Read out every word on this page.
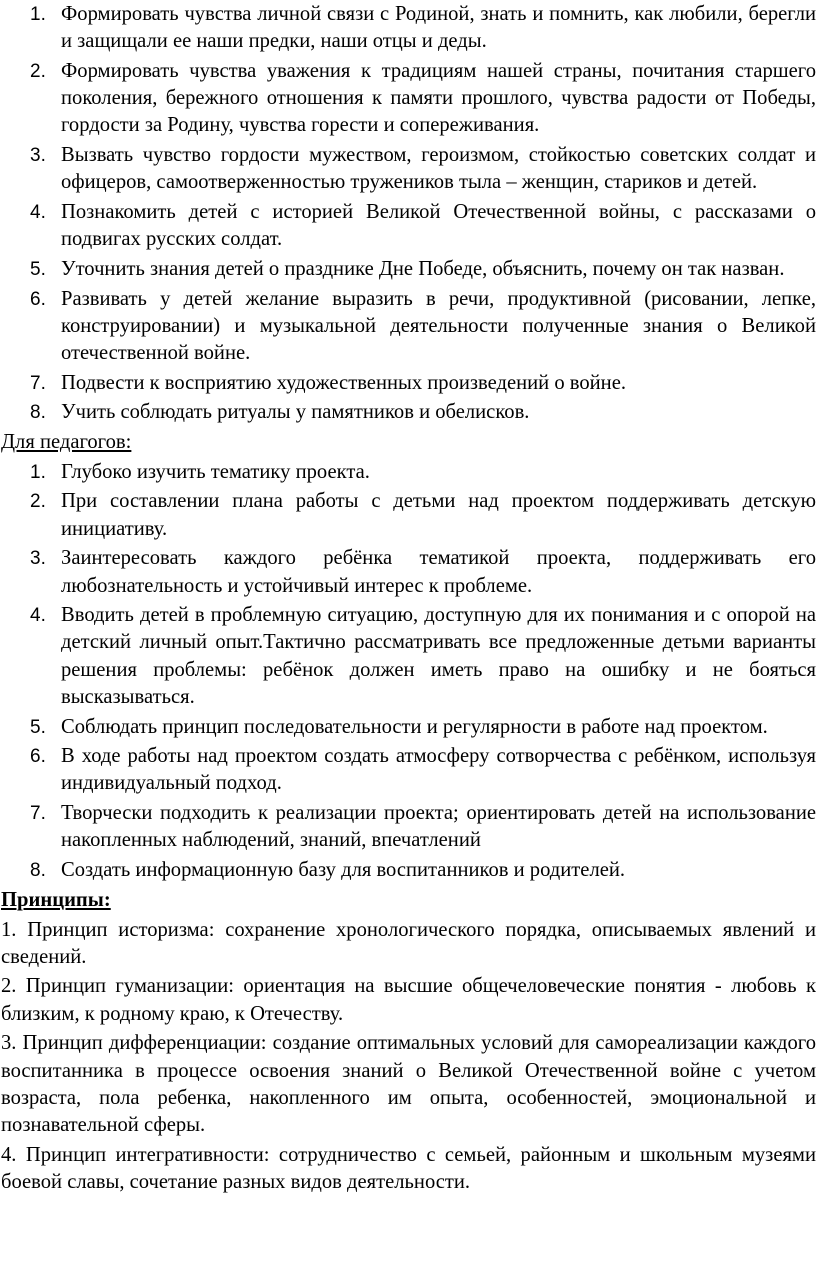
1. Формировать чувства личной связи с Родиной, знать и помнить, как любили, берегли и защищали ее наши предки, наши отцы и деды.
2. Формировать чувства уважения к традициям нашей страны, почитания старшего поколения, бережного отношения к памяти прошлого, чувства радости от Победы, гордости за Родину, чувства горести и сопереживания.
3. Вызвать чувство гордости мужеством, героизмом, стойкостью советских солдат и офицеров, самоотверженностью тружеников тыла – женщин, стариков и детей.
4. Познакомить детей с историей Великой Отечественной войны, с рассказами о подвигах русских солдат.
5. Уточнить знания детей о празднике Дне Победе, объяснить, почему он так назван.
6. Развивать у детей желание выразить в речи, продуктивной (рисовании, лепке, конструировании) и музыкальной деятельности полученные знания о Великой отечественной войне.
7. Подвести к восприятию художественных произведений о войне.
8. Учить соблюдать ритуалы у памятников и обелисков.
Для педагогов:
1. Глубоко изучить тематику проекта.
2. При составлении плана работы с детьми над проектом поддерживать детскую инициативу.
3. Заинтересовать каждого ребёнка тематикой проекта, поддерживать его любознательность и устойчивый интерес к проблеме.
4. Вводить детей в проблемную ситуацию, доступную для их понимания и с опорой на детский личный опыт.Тактично рассматривать все предложенные детьми варианты решения проблемы: ребёнок должен иметь право на ошибку и не бояться высказываться.
5. Соблюдать принцип последовательности и регулярности в работе над проектом.
6. В ходе работы над проектом создать атмосферу сотворчества с ребёнком, используя индивидуальный подход.
7. Творчески подходить к реализации проекта; ориентировать детей на использование накопленных наблюдений, знаний, впечатлений
8. Создать информационную базу для воспитанников и родителей.
Принципы:
1. Принцип историзма: сохранение хронологического порядка, описываемых явлений и сведений.
2. Принцип гуманизации: ориентация на высшие общечеловеческие понятия - любовь к близким, к родному краю, к Отечеству.
3. Принцип дифференциации: создание оптимальных условий для самореализации каждого воспитанника в процессе освоения знаний о Великой Отечественной войне с учетом возраста, пола ребенка, накопленного им опыта, особенностей, эмоциональной и познавательной сферы.
4. Принцип интегративности: сотрудничество с семьей, районным и школьным музеями боевой славы, сочетание разных видов деятельности.
